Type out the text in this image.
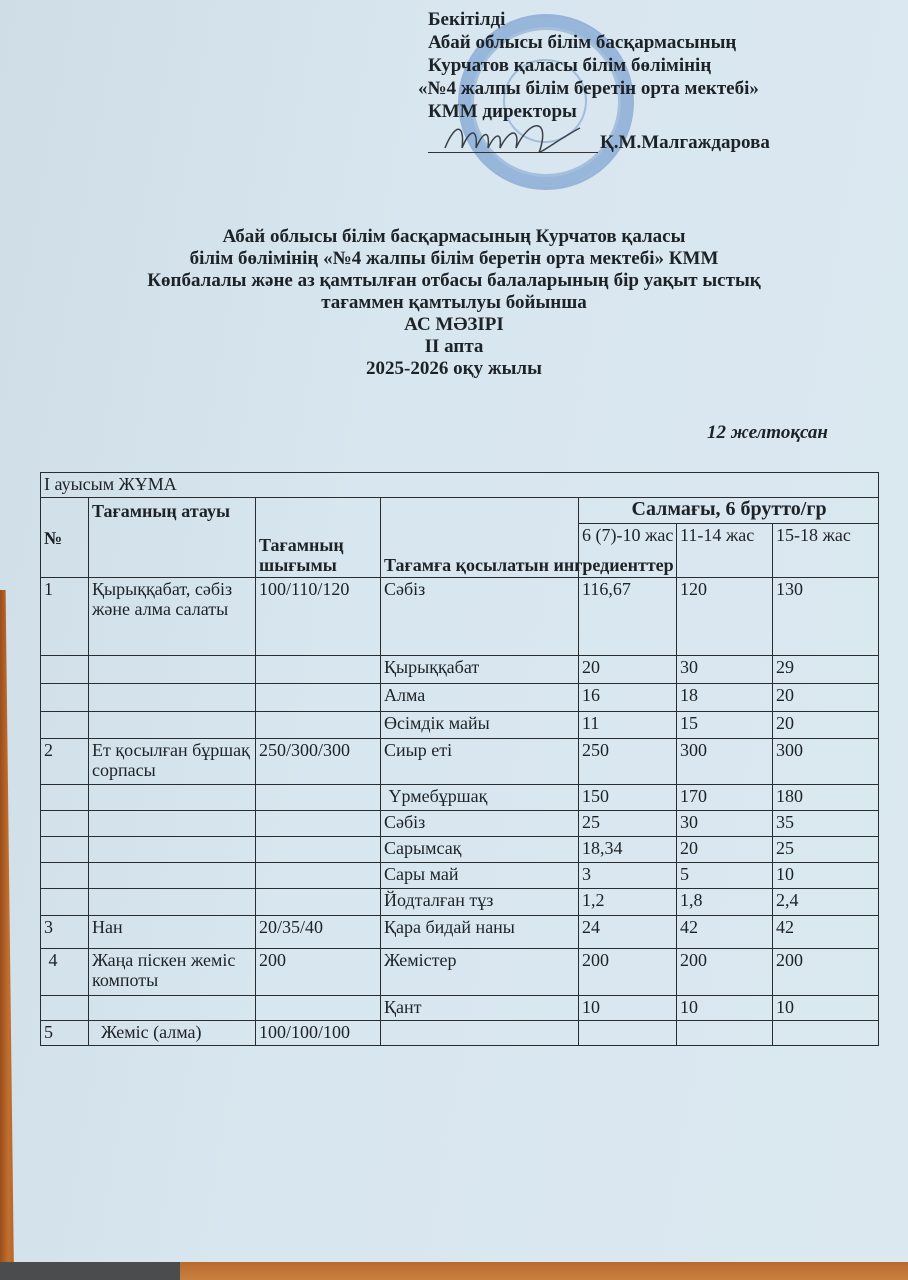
Бекітілді
Абай облысы білім басқармасының
Курчатов қаласы білім бөлімінің
«№4 жалпы білім беретін орта мектебі»
КММ директоры
Қ.М.Малгаждарова
Абай облысы білім басқармасының Курчатов қаласы
білім бөлімінің «№4 жалпы білім беретін орта мектебі» КММ
Көпбалалы және аз қамтылған отбасы балаларының бір уақыт ыстық
тағаммен қамтылуы бойынша
АС МӘЗІРІ
ІІ апта
2025-2026 оқу жылы
12 желтоқсан
І ауысым ЖҰМА						
№	Тағамның атауы	Тағамның шығымы	Тағамға қосылатын ингредиенттер	Салмағы, 6 брутто/гр		
				6 (7)-10 жас	11-14 жас	15-18 жас
1	Қырыққабат, сәбіз және алма салаты	100/110/120	Сәбіз	116,67	120	130
			Қырыққабат	20	30	29
			Алма	16	18	20
			Өсімдік майы	11	15	20
2	Ет қосылған бұршақ сорпасы	250/300/300	Сиыр еті	250	300	300
			Үрмебұршақ	150	170	180
			Сәбіз	25	30	35
			Сарымсақ	18,34	20	25
			Сары май	3	5	10
			Йодталған тұз	1,2	1,8	2,4
3	Нан	20/35/40	Қара бидай наны	24	42	42
4	Жаңа піскен жеміс компоты	200	Жемістер	200	200	200
			Қант	10	10	10
5	Жеміс (алма)	100/100/100				
